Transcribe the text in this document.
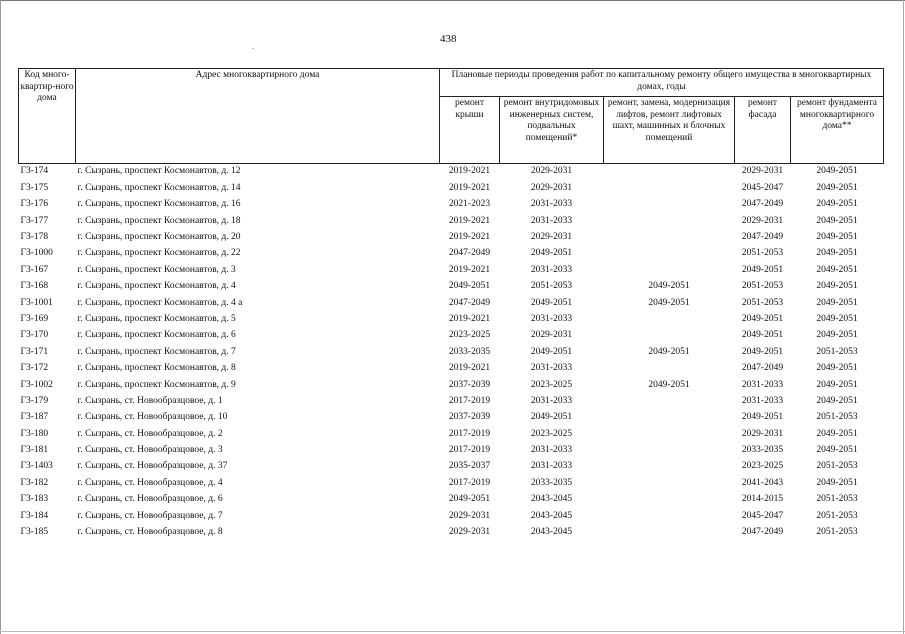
438
.
Код много-квартир-ного дома	Адрес многоквартирного дома	Плановые периоды проведения работ по капитальному ремонту общего имущества в многоквартирных домах, годы				
		ремонт крыши	ремонт внутридомовых инженерных систем, подвальных помещений*	ремонт, замена, модернизация лифтов, ремонт лифтовых шахт, машинных и блочных помещений	ремонт фасада	ремонт фундамента многоквартирного дома**
Г3-174	г. Сызрань, проспект Космонавтов, д. 12	2019-2021	2029-2031		2029-2031	2049-2051
Г3-175	г. Сызрань, проспект Космонавтов, д. 14	2019-2021	2029-2031		2045-2047	2049-2051
Г3-176	г. Сызрань, проспект Космонавтов, д. 16	2021-2023	2031-2033		2047-2049	2049-2051
Г3-177	г. Сызрань, проспект Космонавтов, д. 18	2019-2021	2031-2033		2029-2031	2049-2051
Г3-178	г. Сызрань, проспект Космонавтов, д. 20	2019-2021	2029-2031		2047-2049	2049-2051
Г3-1000	г. Сызрань, проспект Космонавтов, д. 22	2047-2049	2049-2051		2051-2053	2049-2051
Г3-167	г. Сызрань, проспект Космонавтов, д. 3	2019-2021	2031-2033		2049-2051	2049-2051
Г3-168	г. Сызрань, проспект Космонавтов, д. 4	2049-2051	2051-2053	2049-2051	2051-2053	2049-2051
Г3-1001	г. Сызрань, проспект Космонавтов, д. 4 а	2047-2049	2049-2051	2049-2051	2051-2053	2049-2051
Г3-169	г. Сызрань, проспект Космонавтов, д. 5	2019-2021	2031-2033		2049-2051	2049-2051
Г3-170	г. Сызрань, проспект Космонавтов, д. 6	2023-2025	2029-2031		2049-2051	2049-2051
Г3-171	г. Сызрань, проспект Космонавтов, д. 7	2033-2035	2049-2051	2049-2051	2049-2051	2051-2053
Г3-172	г. Сызрань, проспект Космонавтов, д. 8	2019-2021	2031-2033		2047-2049	2049-2051
Г3-1002	г. Сызрань, проспект Космонавтов, д. 9	2037-2039	2023-2025	2049-2051	2031-2033	2049-2051
Г3-179	г. Сызрань, ст. Новообразцовое, д. 1	2017-2019	2031-2033		2031-2033	2049-2051
Г3-187	г. Сызрань, ст. Новообразцовое, д. 10	2037-2039	2049-2051		2049-2051	2051-2053
Г3-180	г. Сызрань, ст. Новообразцовое, д. 2	2017-2019	2023-2025		2029-2031	2049-2051
Г3-181	г. Сызрань, ст. Новообразцовое, д. 3	2017-2019	2031-2033		2033-2035	2049-2051
Г3-1403	г. Сызрань, ст. Новообразцовое, д. 37	2035-2037	2031-2033		2023-2025	2051-2053
Г3-182	г. Сызрань, ст. Новообразцовое, д. 4	2017-2019	2033-2035		2041-2043	2049-2051
Г3-183	г. Сызрань, ст. Новообразцовое, д. 6	2049-2051	2043-2045		2014-2015	2051-2053
Г3-184	г. Сызрань, ст. Новообразцовое, д. 7	2029-2031	2043-2045		2045-2047	2051-2053
Г3-185	г. Сызрань, ст. Новообразцовое, д. 8	2029-2031	2043-2045		2047-2049	2051-2053
